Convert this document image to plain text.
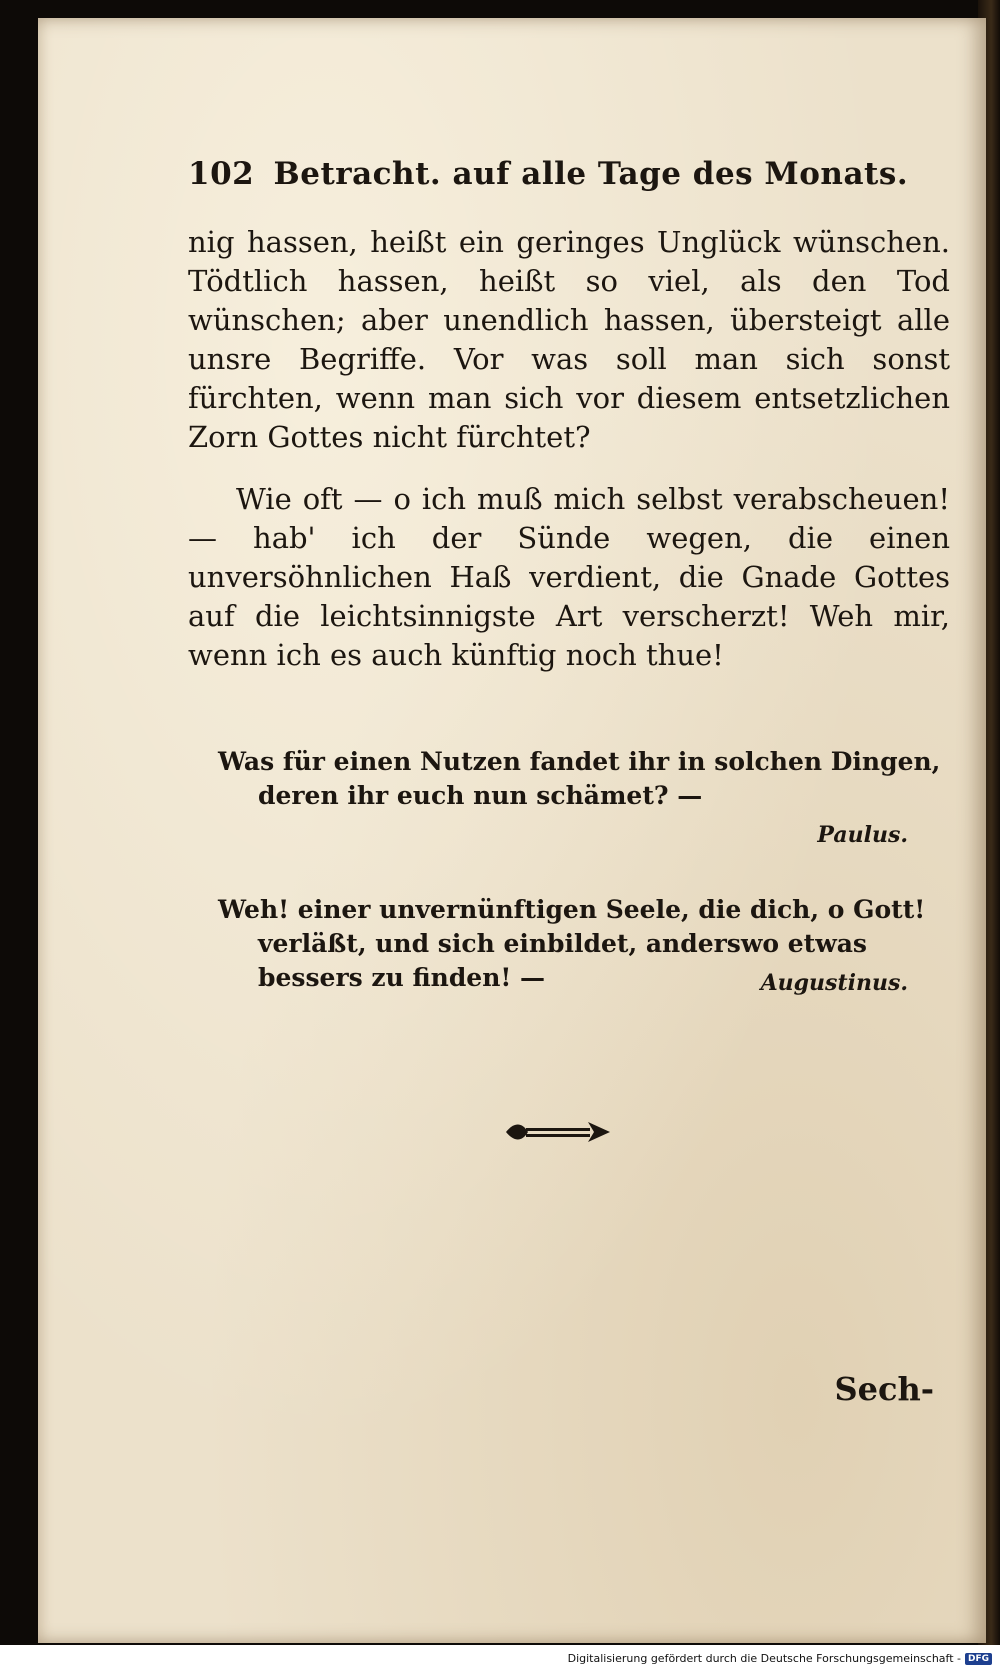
102 Betracht. auf alle Tage des Monats.
nig hassen, heißt ein geringes Unglück wünschen. Tödtlich hassen, heißt so viel, als den Tod wünschen; aber unendlich hassen, übersteigt alle unsre Begriffe. Vor was soll man sich sonst fürchten, wenn man sich vor diesem entsetzlichen Zorn Gottes nicht fürchtet?
Wie oft — o ich muß mich selbst verabscheuen! — hab' ich der Sünde wegen, die einen unversöhnlichen Haß verdient, die Gnade Gottes auf die leichtsinnigste Art verscherzt! Weh mir, wenn ich es auch künftig noch thue!
Was für einen Nutzen fandet ihr in solchen Dingen, deren ihr euch nun schämet? —
Paulus.
Weh! einer unvernünftigen Seele, die dich, o Gott! verläßt, und sich einbildet, anderswo etwas bessers zu finden! —	Augustinus.
Sech-
Digitalisierung gefördert durch die Deutsche Forschungsgemeinschaft - DFG
